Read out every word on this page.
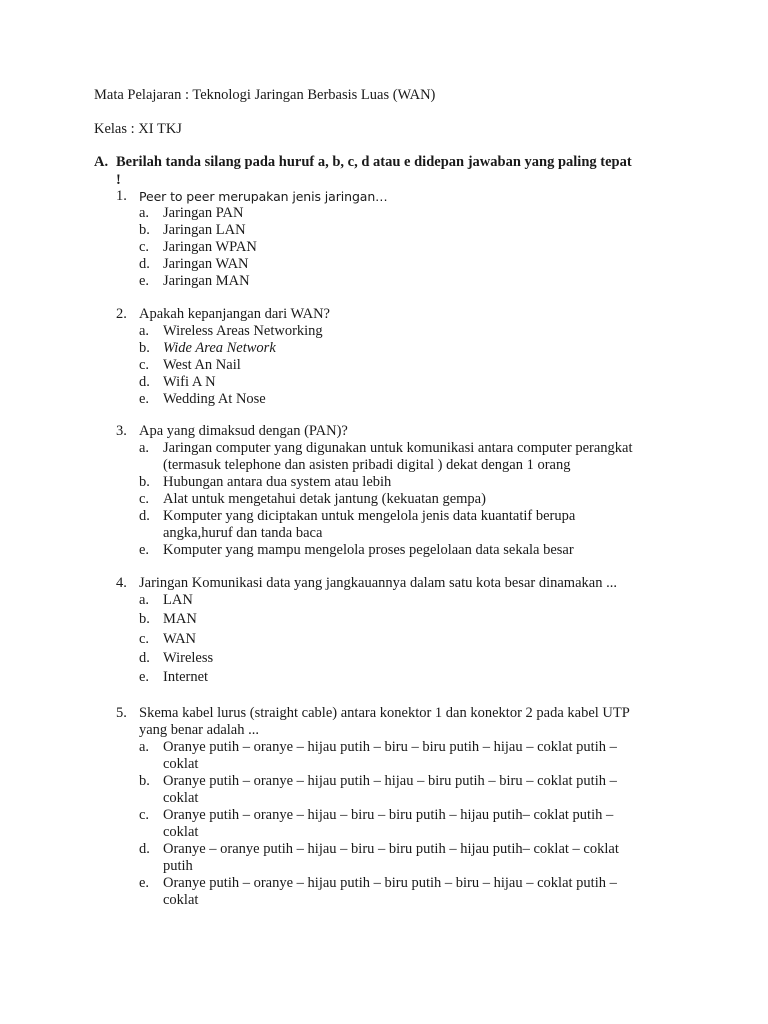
Mata Pelajaran : Teknologi Jaringan Berbasis Luas (WAN)
Kelas : XI TKJ
A. Berilah tanda silang pada huruf a, b, c, d atau e didepan jawaban yang paling tepat
!
1. Peer to peer merupakan jenis jaringan…
a. Jaringan PAN
b. Jaringan LAN
c. Jaringan WPAN
d. Jaringan WAN
e. Jaringan MAN
2. Apakah kepanjangan dari WAN?
a. Wireless Areas Networking
b. Wide Area Network
c. West An Nail
d. Wifi A N
e. Wedding At Nose
3. Apa yang dimaksud dengan (PAN)?
a. Jaringan computer yang digunakan untuk komunikasi antara computer perangkat
(termasuk telephone dan asisten pribadi digital ) dekat dengan 1 orang
b. Hubungan antara dua system atau lebih
c. Alat untuk mengetahui detak jantung (kekuatan gempa)
d. Komputer yang diciptakan untuk mengelola jenis data kuantatif berupa
angka,huruf dan tanda baca
e. Komputer yang mampu mengelola proses pegelolaan data sekala besar
4. Jaringan Komunikasi data yang jangkauannya dalam satu kota besar dinamakan ...
a. LAN
b. MAN
c. WAN
d. Wireless
e. Internet
5. Skema kabel lurus (straight cable) antara konektor 1 dan konektor 2 pada kabel UTP
yang benar adalah ...
a. Oranye putih – oranye – hijau putih – biru – biru putih – hijau – coklat putih –
coklat
b. Oranye putih – oranye – hijau putih – hijau – biru putih – biru – coklat putih –
coklat
c. Oranye putih – oranye – hijau – biru – biru putih – hijau putih– coklat putih –
coklat
d. Oranye – oranye putih – hijau – biru – biru putih – hijau putih– coklat – coklat
putih
e. Oranye putih – oranye – hijau putih – biru putih – biru – hijau – coklat putih –
coklat
